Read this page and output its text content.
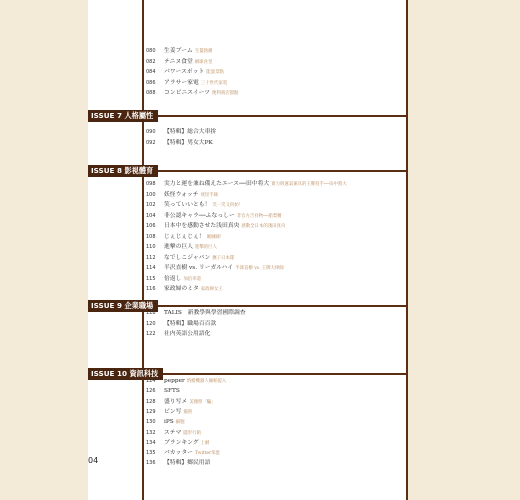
080 生姜ブーム 生薑熱潮
082 テニヌ食堂 網球食堂
084 パワースポット 能量景點
086 アラサー家電 三十世代家電
088 コンビニスイーツ 便利商店甜點
ISSUE 7 人格屬性
090 【特輯】総合大車拚
092 【特輯】男女大PK
ISSUE 8 影視體育
098 実力と運を兼ね備えたエース──田中将大 實力與運氣兼具的王牌投手──田中將大
100 妖怪ウォッチ 妖怪手錶
102 笑っていいとも！ 笑一笑又何妨！
104 非公認キャラ──ふなっしー 非官方吉祥物──船梨精
106 日本中を感動させた浅田真央 感動全日本的淺田真央
108 じぇじぇじぇ！ 賊賊賊！
110 進撃の巨人 進擊的巨人
112 なでしこジャパン 撫子日本隊
114 半沢直樹 vs. リーガルハイ 半澤直樹 vs. 王牌大律師
115 倍返し 加倍奉還
116 家政婦のミタ 家政婦女王
ISSUE 9 企業職場
118 TALIS　新教學與學習國際調查
120 【特輯】職場百百款
122 社内英語公用語化
ISSUE 10 資訊科技
124 pepper 情緒機器人佩帕提入
126 SFTS
128 盛り写メ 美顏照「騙」
129 ビン写 獨照
130 iPS 細胞
132 ステマ 隱形行銷
134 ブランキング 上網
135 バカッター Twitter笨蛋
136 【特輯】鄉民用語
04
